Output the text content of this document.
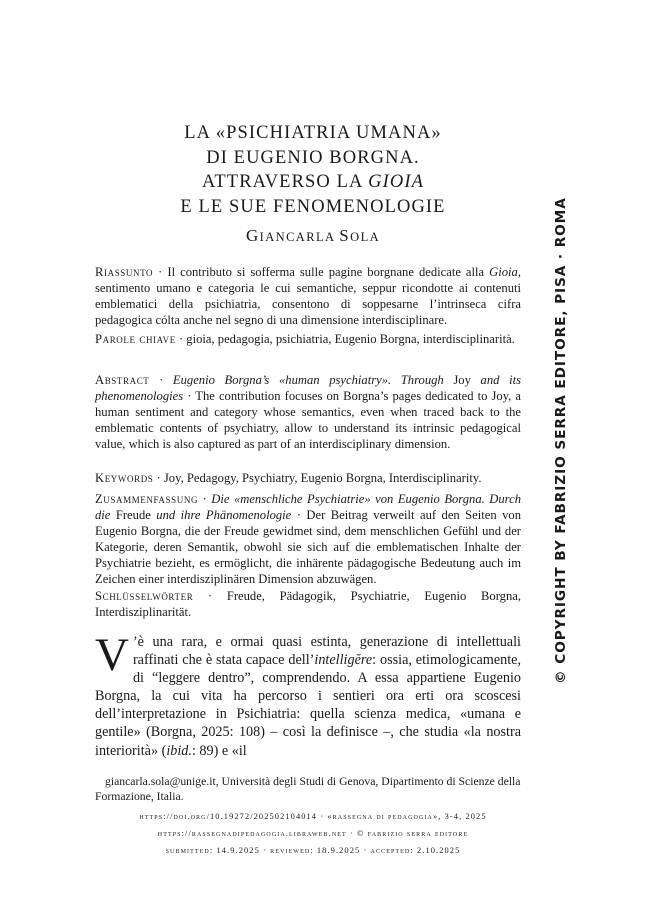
LA «PSICHIATRIA UMANA»
DI EUGENIO BORGNA.
ATTRAVERSO LA GIOIA
E LE SUE FENOMENOLOGIE
GIANCARLA SOLA
Riassunto · Il contributo si sofferma sulle pagine borgnane dedicate alla Gioia, sentimento umano e categoria le cui semantiche, seppur ricondotte ai contenuti emblematici della psichiatria, consentono di soppesarne l’intrinseca cifra pedagogica cólta anche nel segno di una dimensione interdisciplinare.
Parole chiave · gioia, pedagogia, psichiatria, Eugenio Borgna, interdisciplinarità.
Abstract · Eugenio Borgna’s «human psychiatry». Through Joy and its phenomenologies · The contribution focuses on Borgna’s pages dedicated to Joy, a human sentiment and category whose semantics, even when traced back to the emblematic contents of psychiatry, allow to understand its intrinsic pedagogical value, which is also captured as part of an interdisciplinary dimension.
Keywords · Joy, Pedagogy, Psychiatry, Eugenio Borgna, Interdisciplinarity.
Zusammenfassung · Die «menschliche Psychiatrie» von Eugenio Borgna. Durch die Freude und ihre Phänomenologie · Der Beitrag verweilt auf den Seiten von Eugenio Borgna, die der Freude gewidmet sind, dem menschlichen Gefühl und der Kategorie, deren Semantik, obwohl sie sich auf die emblematischen Inhalte der Psychiatrie bezieht, es ermöglicht, die inhärente pädagogische Bedeutung auch im Zeichen einer interdisziplinären Dimension abzuwägen.
Schlüsselwörter · Freude, Pädagogik, Psychiatrie, Eugenio Borgna, Interdisziplinarität.
V ’è una rara, e ormai quasi estinta, generazione di intellettuali raffinati che è stata capace dell’intelligĕre: ossia, etimologicamente, di “leggere dentro”, comprendendo. A essa appartiene Eugenio Borgna, la cui vita ha percorso i sentieri ora erti ora scoscesi dell’interpretazione in Psichiatria: quella scienza medica, «umana e gentile» (Borgna, 2025: 108) – così la definisce –, che studia «la nostra interiorità» (ibid.: 89) e «il
giancarla.sola@unige.it, Università degli Studi di Genova, Dipartimento di Scienze della Formazione, Italia.
https://doi.org/10.19272/202502104014 · «rassegna di pedagogia», 3-4, 2025
https://rassegnadipedagogia.libraweb.net · © fabrizio serra editore
submitted: 14.9.2025 · reviewed: 18.9.2025 · accepted: 2.10.2025
© COPYRIGHT BY FABRIZIO SERRA EDITORE, PISA · ROMA
